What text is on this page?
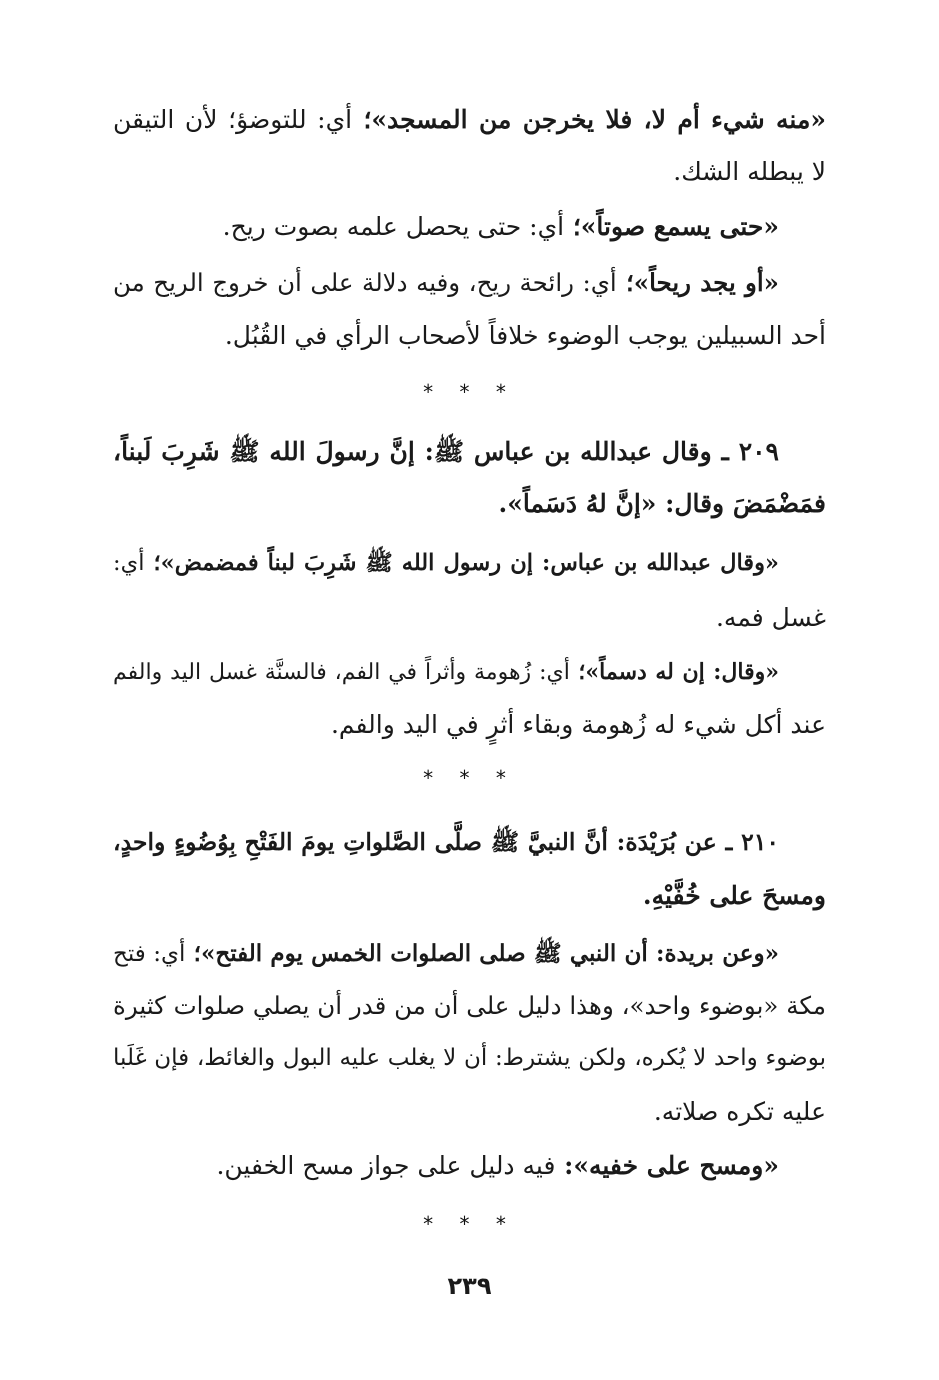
«منه شيء أم لا، فلا يخرجن من المسجد»؛ أي: للتوضؤ؛ لأن التيقن
لا يبطله الشك.
«حتى يسمع صوتاً»؛ أي: حتى يحصل علمه بصوت ريح.
«أو يجد ريحاً»؛ أي: رائحة ريح، وفيه دلالة على أن خروج الريح من
أحد السبيلين يوجب الوضوء خلافاً لأصحاب الرأي في القُبُل.
* * *
٢٠٩ ـ وقال عبدالله بن عباس ﷺ: إنَّ رسولَ الله ﷺ شَرِبَ لَبناً،
فمَضْمَضَ وقال: «إنَّ لهُ دَسَماً».
«وقال عبدالله بن عباس: إن رسول الله ﷺ شَرِبَ لبناً فمضمض»؛ أي:
غسل فمه.
«وقال: إن له دسماً»؛ أي: زُهومة وأثراً في الفم، فالسنَّة غسل اليد والفم
عند أكل شيء له زُهومة وبقاء أثرٍ في اليد والفم.
* * *
٢١٠ ـ عن بُرَيْدَة: أنَّ النبيَّ ﷺ صلَّى الصَّلواتِ يومَ الفَتْحِ بِوُضُوءٍ واحدٍ،
ومسحَ على خُفَّيْهِ.
«وعن بريدة: أن النبي ﷺ صلى الصلوات الخمس يوم الفتح»؛ أي: فتح
مكة «بوضوء واحد»، وهذا دليل على أن من قدر أن يصلي صلوات كثيرة
بوضوء واحد لا يُكره، ولكن يشترط: أن لا يغلب عليه البول والغائط، فإن غَلَبا
عليه تكره صلاته.
«ومسح على خفيه»: فيه دليل على جواز مسح الخفين.
* * *
٢٣٩
